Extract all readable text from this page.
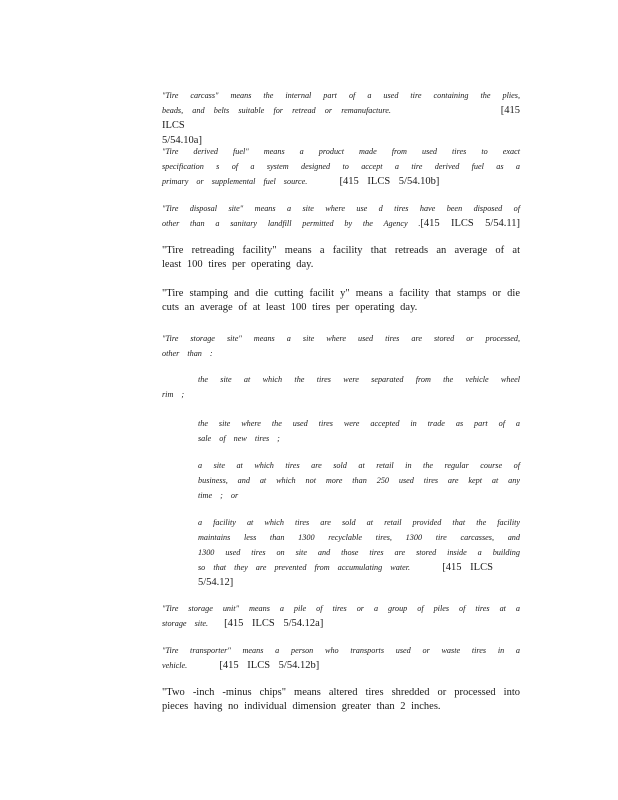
"Tire carcass" means the internal part of a used tire containing the plies,
beads, and belts suitable for retread or remanufacture.	[415 ILCS
5/54.10a]
"Tire derived fuel" means a product made from used tires to exact
specification s of a system designed to accept a tire derived fuel as a
primary or supplemental fuel source.	[415 ILCS 5/54.10b]
"Tire disposal site" means a site where use d tires have been disposed of
other than a sanitary landfill permitted by the Agency .[415 ILCS 5/54.11]
"Tire retreading facility" means a facility that retreads an average of at
least 100 tires per operating day.
"Tire stamping and die cutting facilit y" means a facility that stamps or die
cuts an average of at least 100 tires per operating day.
"Tire storage site" means a site where used tires are stored or processed,
other than :
the site at which the tires were separated from the vehicle wheel
rim ;
the site where the used tires were accepted in trade as part of a
sale of new tires ;
a site at which tires are sold at retail in the regular course of
business, and at which not more than 250 used tires are kept at any
time ; or
a facility at which tires are sold at retail provided that the facility
maintains less than 1300 recyclable tires, 1300 tire carcasses, and
1300 used tires on site and those tires are stored inside a building
so that they are prevented from accumulating water.	[415 ILCS
5/54.12]
"Tire storage unit" means a pile of tires or a group of piles of tires at a
storage site. [415 ILCS 5/54.12a]
"Tire transporter" means a person who transports used or waste tires in a
vehicle.	[415 ILCS 5/54.12b]
"Two -inch -minus chips" means altered tires shredded or processed into
pieces having no individual dimension greater than 2 inches.
